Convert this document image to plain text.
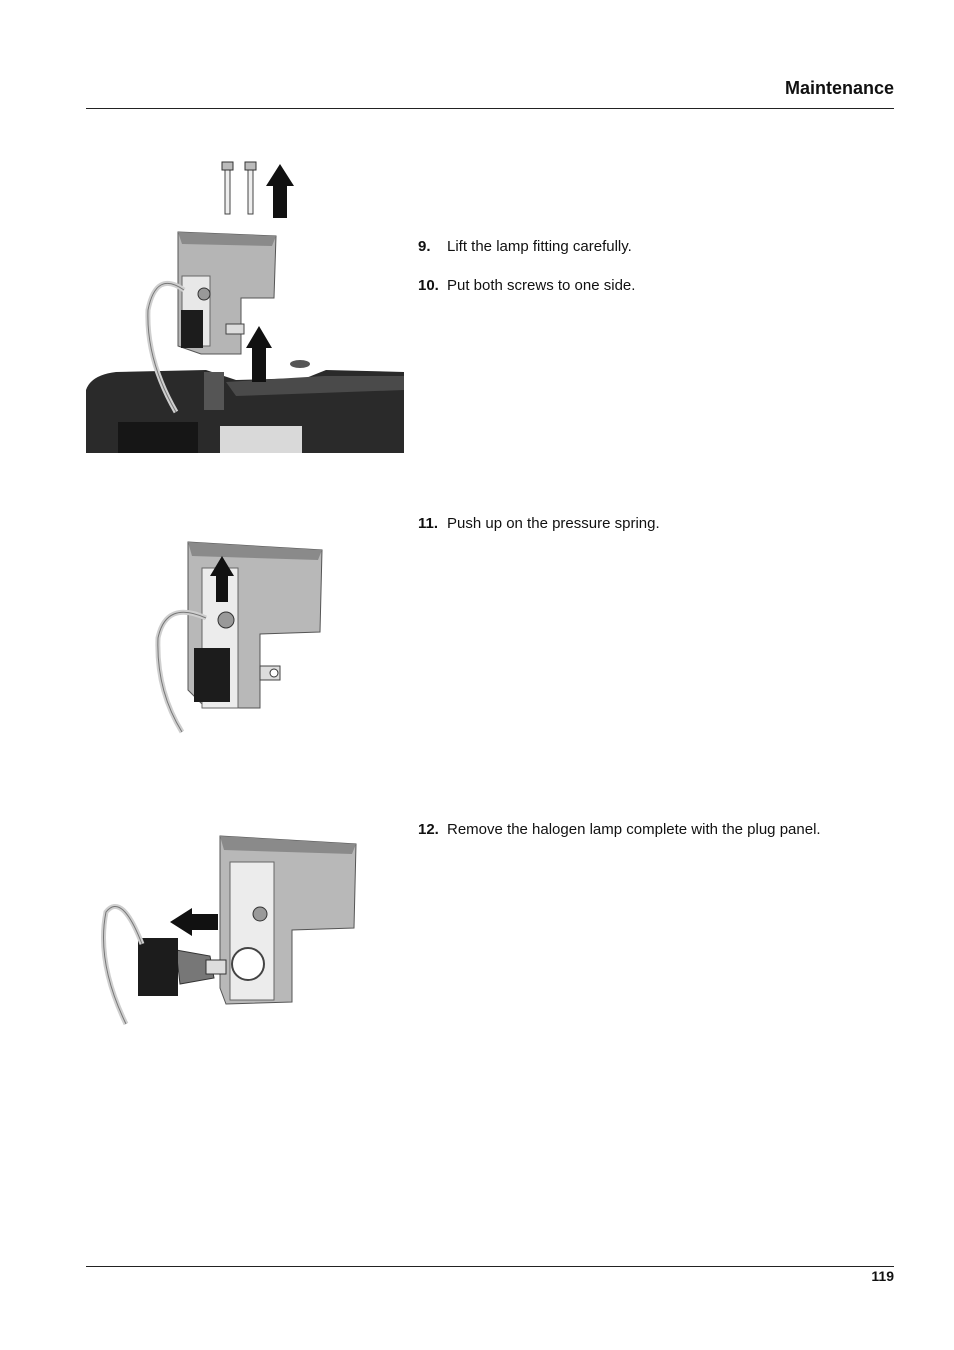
Maintenance
9.	Lift the lamp fitting carefully.
10. Put both screws to one side.
11. Push up on the pressure spring.
12. Remove the halogen lamp complete with the plug panel.
119
